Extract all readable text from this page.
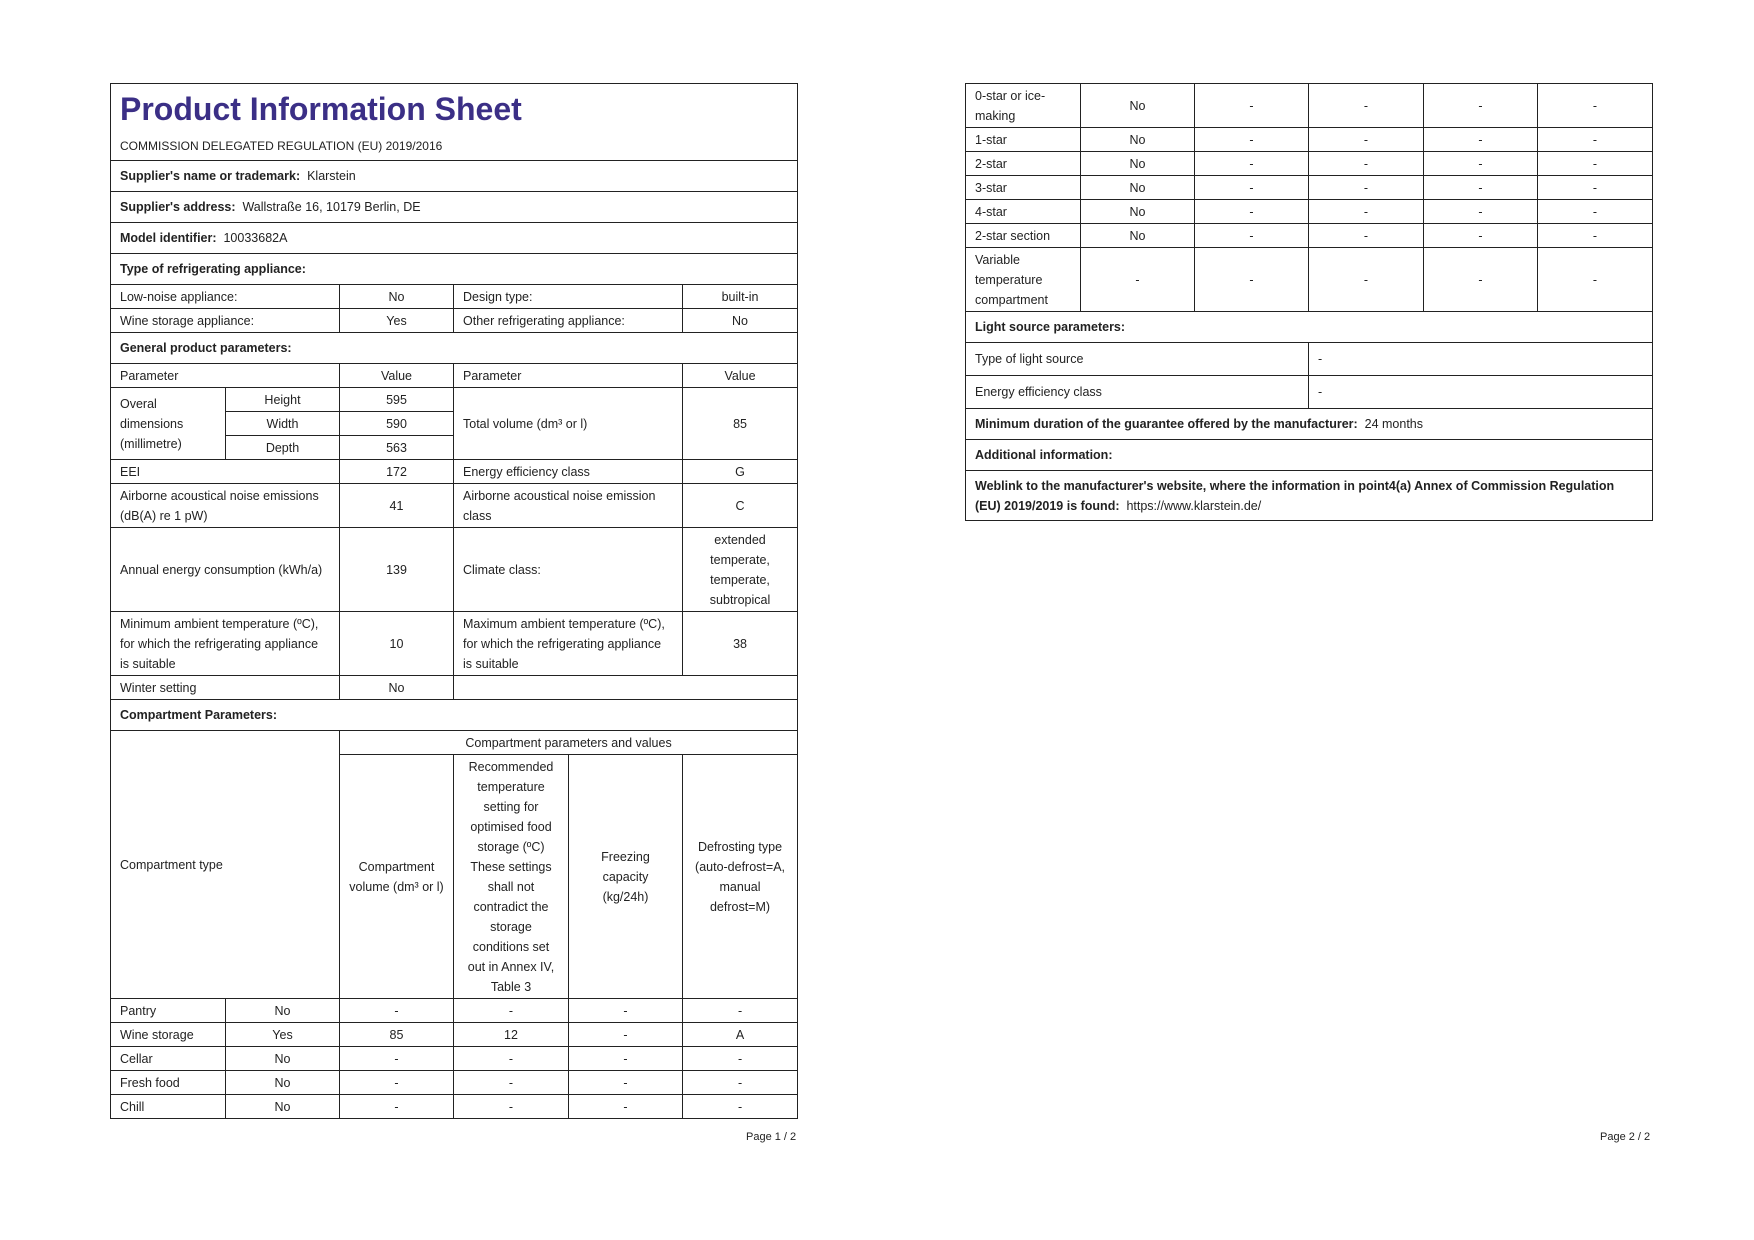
Product Information Sheet
COMMISSION DELEGATED REGULATION (EU) 2019/2016					

Supplier's name or trademark: Klarstein					
Supplier's address: Wallstraße 16, 10179 Berlin, DE					
Model identifier: 10033682A					
Type of refrigerating appliance:					
Low-noise appliance:		No	Design type:		built-in
Wine storage appliance:		Yes	Other refrigerating appliance:		No
General product parameters:					
Parameter		Value	Parameter		Value
Overal dimensions (millimetre)	Height	595	Total volume (dm³ or l)		85
	Width	590			
	Depth	563			
EEI		172	Energy efficiency class		G
Airborne acoustical noise emissions (dB(A) re 1 pW)		41	Airborne acoustical noise emission class		C
Annual energy consumption (kWh/a)		139	Climate class:		extended temperate, temperate, subtropical
Minimum ambient temperature (ºC), for which the refrigerating appliance is suitable		10	Maximum ambient temperature (ºC), for which the refrigerating appliance is suitable		38
Winter setting		No			
Compartment Parameters:					
Compartment type		Compartment parameters and values			
		Compartment volume (dm³ or l)	Recommended temperature setting for optimised food storage (ºC) These settings shall not contradict the storage conditions set out in Annex IV, Table 3	Freezing capacity (kg/24h)	Defrosting type (auto-defrost=A, manual defrost=M)
Pantry	No	-	-	-	-
Wine storage	Yes	85	12	-	A
Cellar	No	-	-	-	-
Fresh food	No	-	-	-	-
Chill	No	-	-	-	-
Page 1 / 2
0-star or ice-making	No	-	-	-	-
1-star	No	-	-	-	-
2-star	No	-	-	-	-
3-star	No	-	-	-	-
4-star	No	-	-	-	-
2-star section	No	-	-	-	-
Variable temperature compartment	-	-	-	-	-
Light source parameters:					
Type of light source			-		
Energy efficiency class			-		
Minimum duration of the guarantee offered by the manufacturer: 24 months					
Additional information:					
Weblink to the manufacturer's website, where the information in point4(a) Annex of Commission Regulation (EU) 2019/2019 is found: https://www.klarstein.de/					
Page 2 / 2
